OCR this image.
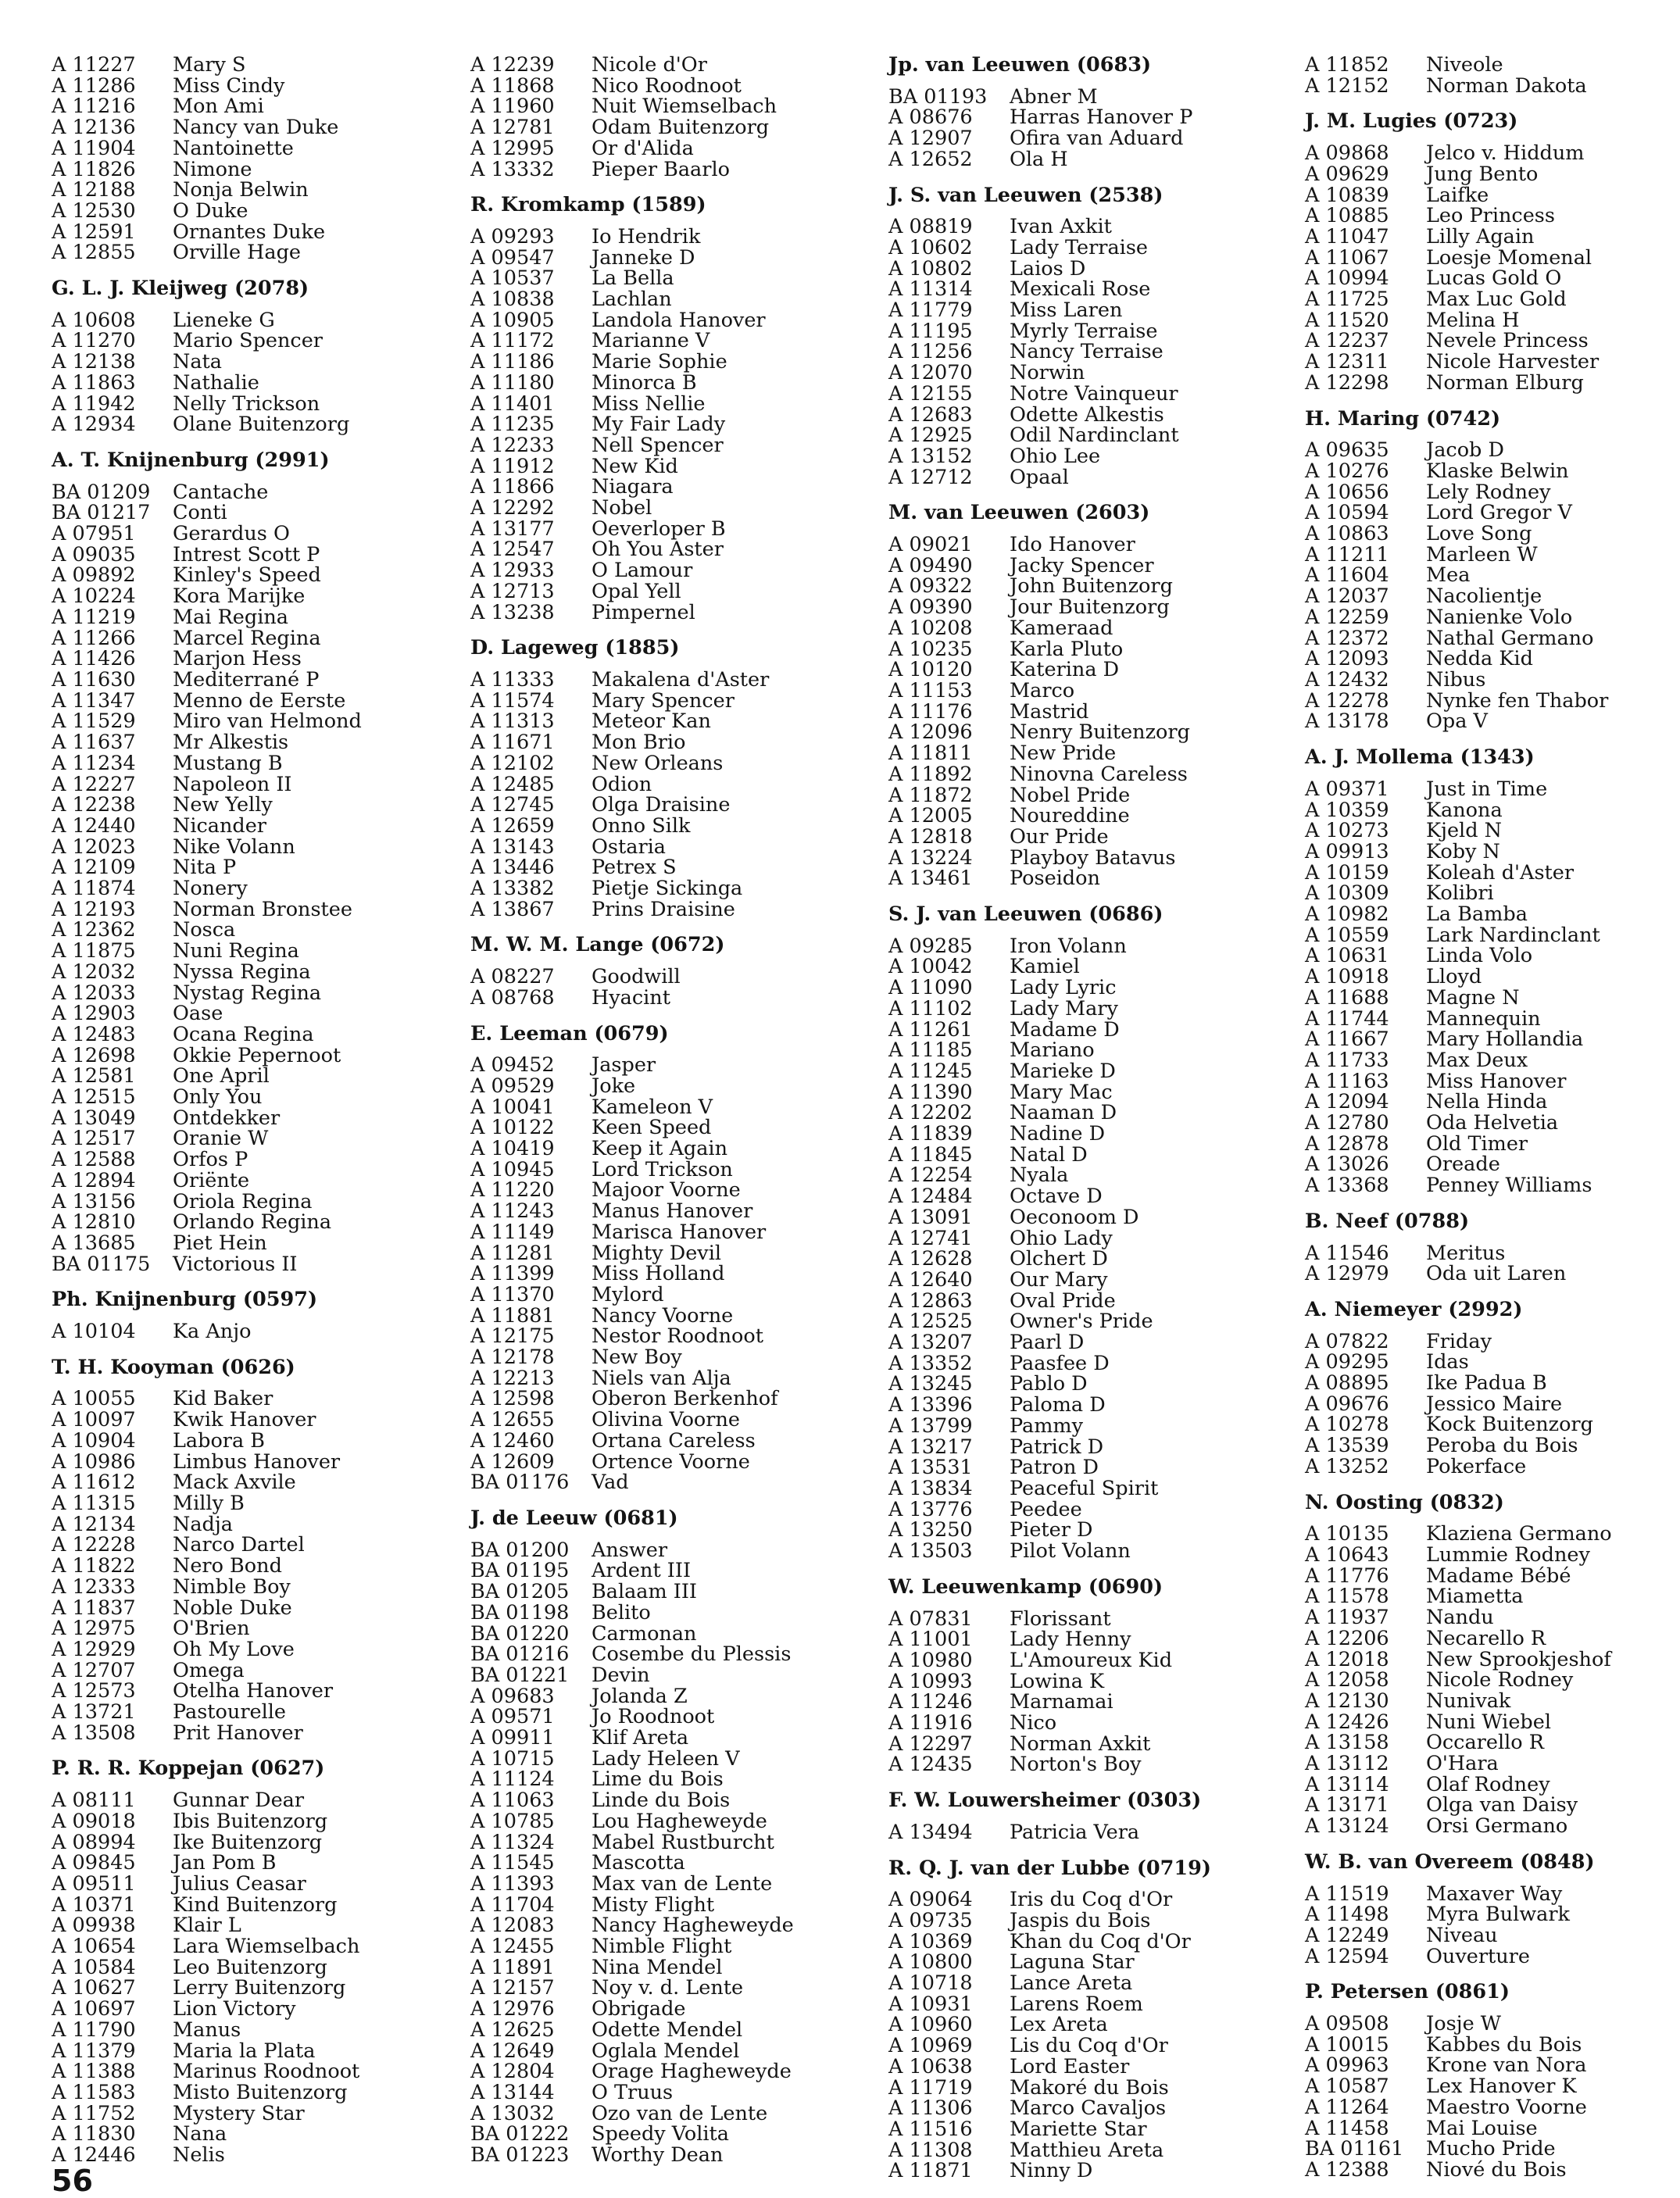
A 11227 Mary S
A 11286 Miss Cindy
A 11216 Mon Ami
A 12136 Nancy van Duke
A 11904 Nantoinette
A 11826 Nimone
A 12188 Nonja Belwin
A 12530 O Duke
A 12591 Ornantes Duke
A 12855 Orville Hage
G. L. J. Kleijweg (2078)
A 10608 Lieneke G
A 11270 Mario Spencer
A 12138 Nata
A 11863 Nathalie
A 11942 Nelly Trickson
A 12934 Olane Buitenzorg
A. T. Knijnenburg (2991)
BA 01209 Cantache
BA 01217 Conti
A 07951 Gerardus O
A 09035 Intrest Scott P
A 09892 Kinley's Speed
A 10224 Kora Marijke
A 11219 Mai Regina
A 11266 Marcel Regina
A 11426 Marjon Hess
A 11630 Mediterrané P
A 11347 Menno de Eerste
A 11529 Miro van Helmond
A 11637 Mr Alkestis
A 11234 Mustang B
A 12227 Napoleon II
A 12238 New Yelly
A 12440 Nicander
A 12023 Nike Volann
A 12109 Nita P
A 11874 Nonery
A 12193 Norman Bronstee
A 12362 Nosca
A 11875 Nuni Regina
A 12032 Nyssa Regina
A 12033 Nystag Regina
A 12903 Oase
A 12483 Ocana Regina
A 12698 Okkie Pepernoot
A 12581 One April
A 12515 Only You
A 13049 Ontdekker
A 12517 Oranie W
A 12588 Orfos P
A 12894 Oriënte
A 13156 Oriola Regina
A 12810 Orlando Regina
A 13685 Piet Hein
BA 01175 Victorious II
Ph. Knijnenburg (0597)
A 10104 Ka Anjo
T. H. Kooyman (0626)
A 10055 Kid Baker
A 10097 Kwik Hanover
A 10904 Labora B
A 10986 Limbus Hanover
A 11612 Mack Axvile
A 11315 Milly B
A 12134 Nadja
A 12228 Narco Dartel
A 11822 Nero Bond
A 12333 Nimble Boy
A 11837 Noble Duke
A 12975 O'Brien
A 12929 Oh My Love
A 12707 Omega
A 12573 Otelha Hanover
A 13721 Pastourelle
A 13508 Prit Hanover
P. R. R. Koppejan (0627)
A 08111 Gunnar Dear
A 09018 Ibis Buitenzorg
A 08994 Ike Buitenzorg
A 09845 Jan Pom B
A 09511 Julius Ceasar
A 10371 Kind Buitenzorg
A 09938 Klair L
A 10654 Lara Wiemselbach
A 10584 Leo Buitenzorg
A 10627 Lerry Buitenzorg
A 10697 Lion Victory
A 11790 Manus
A 11379 Maria la Plata
A 11388 Marinus Roodnoot
A 11583 Misto Buitenzorg
A 11752 Mystery Star
A 11830 Nana
A 12446 Nelis
A 12239 Nicole d'Or
A 11868 Nico Roodnoot
A 11960 Nuit Wiemselbach
A 12781 Odam Buitenzorg
A 12995 Or d'Alida
A 13332 Pieper Baarlo
R. Kromkamp (1589)
A 09293 Io Hendrik
A 09547 Janneke D
A 10537 La Bella
A 10838 Lachlan
A 10905 Landola Hanover
A 11172 Marianne V
A 11186 Marie Sophie
A 11180 Minorca B
A 11401 Miss Nellie
A 11235 My Fair Lady
A 12233 Nell Spencer
A 11912 New Kid
A 11866 Niagara
A 12292 Nobel
A 13177 Oeverloper B
A 12547 Oh You Aster
A 12933 O Lamour
A 12713 Opal Yell
A 13238 Pimpernel
D. Lageweg (1885)
A 11333 Makalena d'Aster
A 11574 Mary Spencer
A 11313 Meteor Kan
A 11671 Mon Brio
A 12102 New Orleans
A 12485 Odion
A 12745 Olga Draisine
A 12659 Onno Silk
A 13143 Ostaria
A 13446 Petrex S
A 13382 Pietje Sickinga
A 13867 Prins Draisine
M. W. M. Lange (0672)
A 08227 Goodwill
A 08768 Hyacint
E. Leeman (0679)
A 09452 Jasper
A 09529 Joke
A 10041 Kameleon V
A 10122 Keen Speed
A 10419 Keep it Again
A 10945 Lord Trickson
A 11220 Majoor Voorne
A 11243 Manus Hanover
A 11149 Marisca Hanover
A 11281 Mighty Devil
A 11399 Miss Holland
A 11370 Mylord
A 11881 Nancy Voorne
A 12175 Nestor Roodnoot
A 12178 New Boy
A 12213 Niels van Alja
A 12598 Oberon Berkenhof
A 12655 Olivina Voorne
A 12460 Ortana Careless
A 12609 Ortence Voorne
BA 01176 Vad
J. de Leeuw (0681)
BA 01200 Answer
BA 01195 Ardent III
BA 01205 Balaam III
BA 01198 Belito
BA 01220 Carmonan
BA 01216 Cosembe du Plessis
BA 01221 Devin
A 09683 Jolanda Z
A 09571 Jo Roodnoot
A 09911 Klif Areta
A 10715 Lady Heleen V
A 11124 Lime du Bois
A 11063 Linde du Bois
A 10785 Lou Hagheweyde
A 11324 Mabel Rustburcht
A 11545 Mascotta
A 11393 Max van de Lente
A 11704 Misty Flight
A 12083 Nancy Hagheweyde
A 12455 Nimble Flight
A 11891 Nina Mendel
A 12157 Noy v. d. Lente
A 12976 Obrigade
A 12625 Odette Mendel
A 12649 Oglala Mendel
A 12804 Orage Hagheweyde
A 13144 O Truus
A 13032 Ozo van de Lente
BA 01222 Speedy Volita
BA 01223 Worthy Dean
Jp. van Leeuwen (0683)
BA 01193 Abner M
A 08676 Harras Hanover P
A 12907 Ofira van Aduard
A 12652 Ola H
J. S. van Leeuwen (2538)
A 08819 Ivan Axkit
A 10602 Lady Terraise
A 10802 Laios D
A 11314 Mexicali Rose
A 11779 Miss Laren
A 11195 Myrly Terraise
A 11256 Nancy Terraise
A 12070 Norwin
A 12155 Notre Vainqueur
A 12683 Odette Alkestis
A 12925 Odil Nardinclant
A 13152 Ohio Lee
A 12712 Opaal
M. van Leeuwen (2603)
A 09021 Ido Hanover
A 09490 Jacky Spencer
A 09322 John Buitenzorg
A 09390 Jour Buitenzorg
A 10208 Kameraad
A 10235 Karla Pluto
A 10120 Katerina D
A 11153 Marco
A 11176 Mastrid
A 12096 Nenry Buitenzorg
A 11811 New Pride
A 11892 Ninovna Careless
A 11872 Nobel Pride
A 12005 Noureddine
A 12818 Our Pride
A 13224 Playboy Batavus
A 13461 Poseidon
S. J. van Leeuwen (0686)
A 09285 Iron Volann
A 10042 Kamiel
A 11090 Lady Lyric
A 11102 Lady Mary
A 11261 Madame D
A 11185 Mariano
A 11245 Marieke D
A 11390 Mary Mac
A 12202 Naaman D
A 11839 Nadine D
A 11845 Natal D
A 12254 Nyala
A 12484 Octave D
A 13091 Oeconoom D
A 12741 Ohio Lady
A 12628 Olchert D
A 12640 Our Mary
A 12863 Oval Pride
A 12525 Owner's Pride
A 13207 Paarl D
A 13352 Paasfee D
A 13245 Pablo D
A 13396 Paloma D
A 13799 Pammy
A 13217 Patrick D
A 13531 Patron D
A 13834 Peaceful Spirit
A 13776 Peedee
A 13250 Pieter D
A 13503 Pilot Volann
W. Leeuwenkamp (0690)
A 07831 Florissant
A 11001 Lady Henny
A 10980 L'Amoureux Kid
A 10993 Lowina K
A 11246 Marnamai
A 11916 Nico
A 12297 Norman Axkit
A 12435 Norton's Boy
F. W. Louwersheimer (0303)
A 13494 Patricia Vera
R. Q. J. van der Lubbe (0719)
A 09064 Iris du Coq d'Or
A 09735 Jaspis du Bois
A 10369 Khan du Coq d'Or
A 10800 Laguna Star
A 10718 Lance Areta
A 10931 Larens Roem
A 10960 Lex Areta
A 10969 Lis du Coq d'Or
A 10638 Lord Easter
A 11719 Makoré du Bois
A 11306 Marco Cavaljos
A 11516 Mariette Star
A 11308 Matthieu Areta
A 11871 Ninny D
A 11852 Niveole
A 12152 Norman Dakota
J. M. Lugies (0723)
A 09868 Jelco v. Hiddum
A 09629 Jung Bento
A 10839 Laifke
A 10885 Leo Princess
A 11047 Lilly Again
A 11067 Loesje Momenal
A 10994 Lucas Gold O
A 11725 Max Luc Gold
A 11520 Melina H
A 12237 Nevele Princess
A 12311 Nicole Harvester
A 12298 Norman Elburg
H. Maring (0742)
A 09635 Jacob D
A 10276 Klaske Belwin
A 10656 Lely Rodney
A 10594 Lord Gregor V
A 10863 Love Song
A 11211 Marleen W
A 11604 Mea
A 12037 Nacolientje
A 12259 Nanienke Volo
A 12372 Nathal Germano
A 12093 Nedda Kid
A 12432 Nibus
A 12278 Nynke fen Thabor
A 13178 Opa V
A. J. Mollema (1343)
A 09371 Just in Time
A 10359 Kanona
A 10273 Kjeld N
A 09913 Koby N
A 10159 Koleah d'Aster
A 10309 Kolibri
A 10982 La Bamba
A 10559 Lark Nardinclant
A 10631 Linda Volo
A 10918 Lloyd
A 11688 Magne N
A 11744 Mannequin
A 11667 Mary Hollandia
A 11733 Max Deux
A 11163 Miss Hanover
A 12094 Nella Hinda
A 12780 Oda Helvetia
A 12878 Old Timer
A 13026 Oreade
A 13368 Penney Williams
B. Neef (0788)
A 11546 Meritus
A 12979 Oda uit Laren
A. Niemeyer (2992)
A 07822 Friday
A 09295 Idas
A 08895 Ike Padua B
A 09676 Jessico Maire
A 10278 Kock Buitenzorg
A 13539 Peroba du Bois
A 13252 Pokerface
N. Oosting (0832)
A 10135 Klaziena Germano
A 10643 Lummie Rodney
A 11776 Madame Bébé
A 11578 Miametta
A 11937 Nandu
A 12206 Necarello R
A 12018 New Sprookjeshof
A 12058 Nicole Rodney
A 12130 Nunivak
A 12426 Nuni Wiebel
A 13158 Occarello R
A 13112 O'Hara
A 13114 Olaf Rodney
A 13171 Olga van Daisy
A 13124 Orsi Germano
W. B. van Overeem (0848)
A 11519 Maxaver Way
A 11498 Myra Bulwark
A 12249 Niveau
A 12594 Ouverture
P. Petersen (0861)
A 09508 Josje W
A 10015 Kabbes du Bois
A 09963 Krone van Nora
A 10587 Lex Hanover K
A 11264 Maestro Voorne
A 11458 Mai Louise
BA 01161 Mucho Pride
A 12388 Niové du Bois
56
